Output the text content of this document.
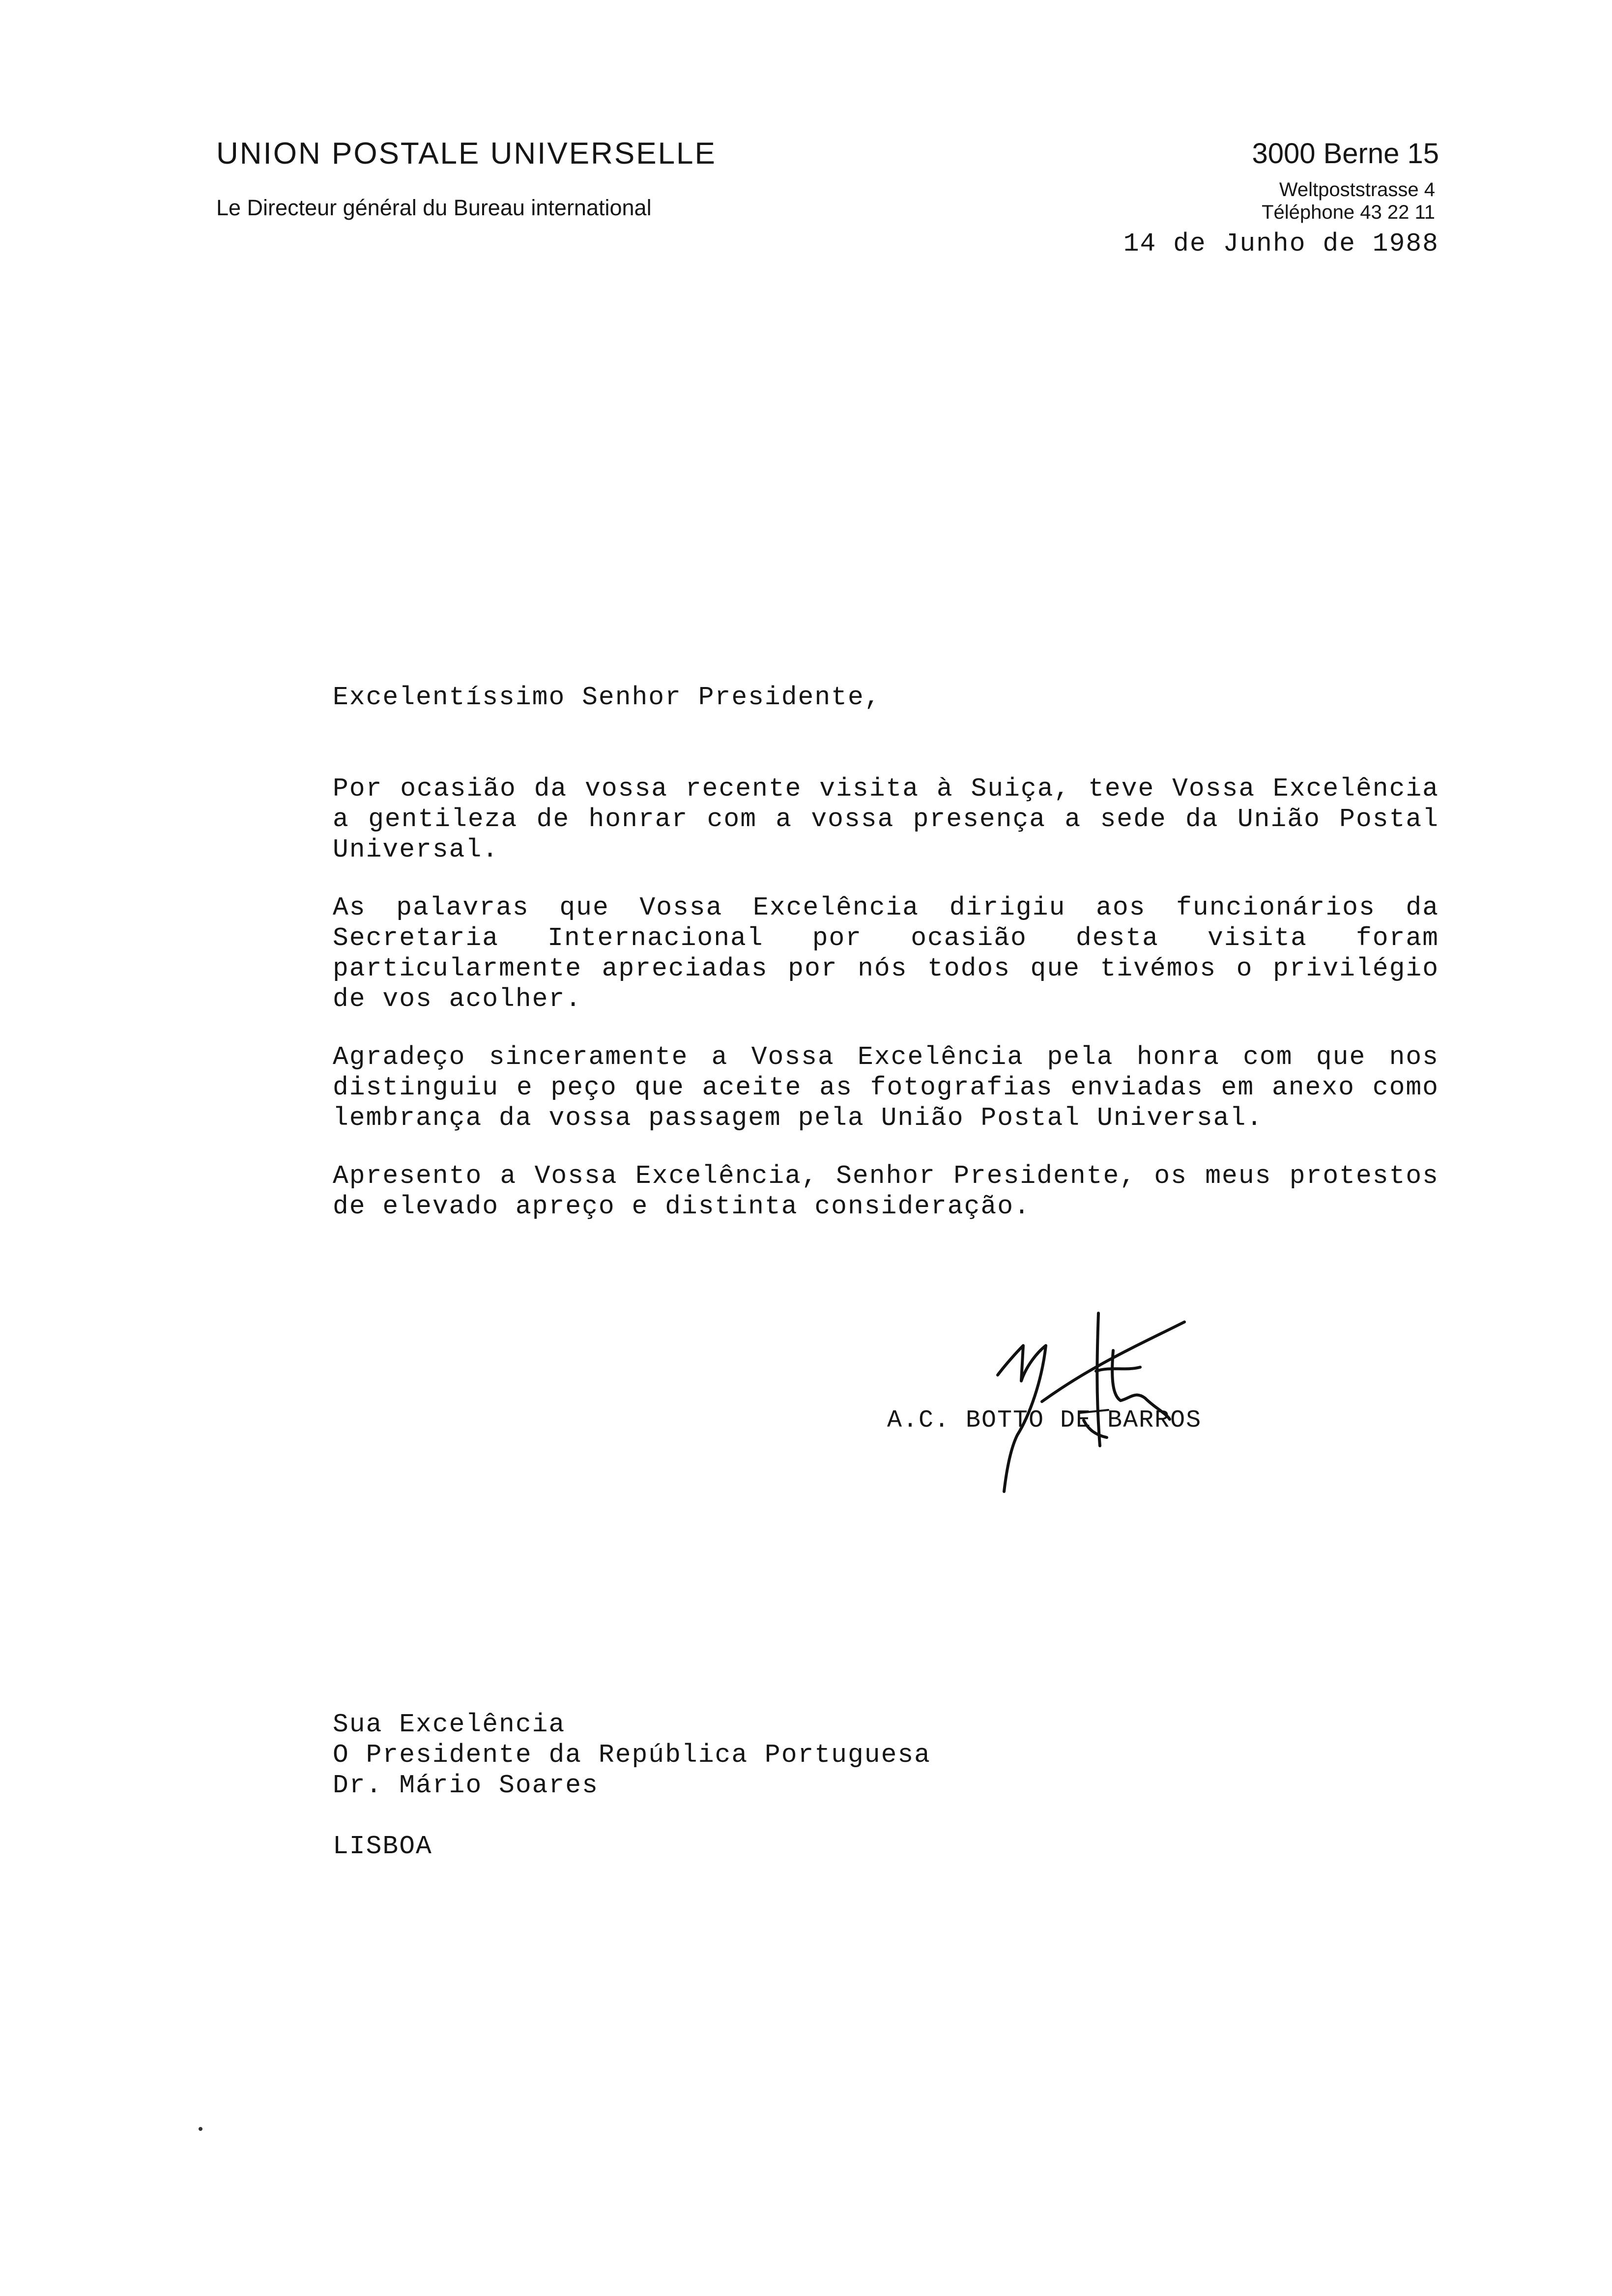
UNION POSTALE UNIVERSELLE
Le Directeur général du Bureau international
3000 Berne 15
Weltpoststrasse 4
Téléphone 43 22 11
14 de Junho de 1988

Excelentíssimo Senhor Presidente,

Por ocasião da vossa recente visita à Suiça, teve Vossa Excelência a gentileza de honrar com a vossa presença a sede da União Postal Universal.

As palavras que Vossa Excelência dirigiu aos funcionários da Secretaria Internacional por ocasião desta visita foram particularmente apreciadas por nós todos que tivémos o privilégio de vos acolher.

Agradeço sinceramente a Vossa Excelência pela honra com que nos distinguiu e peço que aceite as fotografias enviadas em anexo como lembrança da vossa passagem pela União Postal Universal.

Apresento a Vossa Excelência, Senhor Presidente, os meus protestos de elevado apreço e distinta consideração.

A.C. BOTTO DE BARROS
Sua Excelência
O Presidente da República Portuguesa
Dr. Mário Soares
LISBOA
